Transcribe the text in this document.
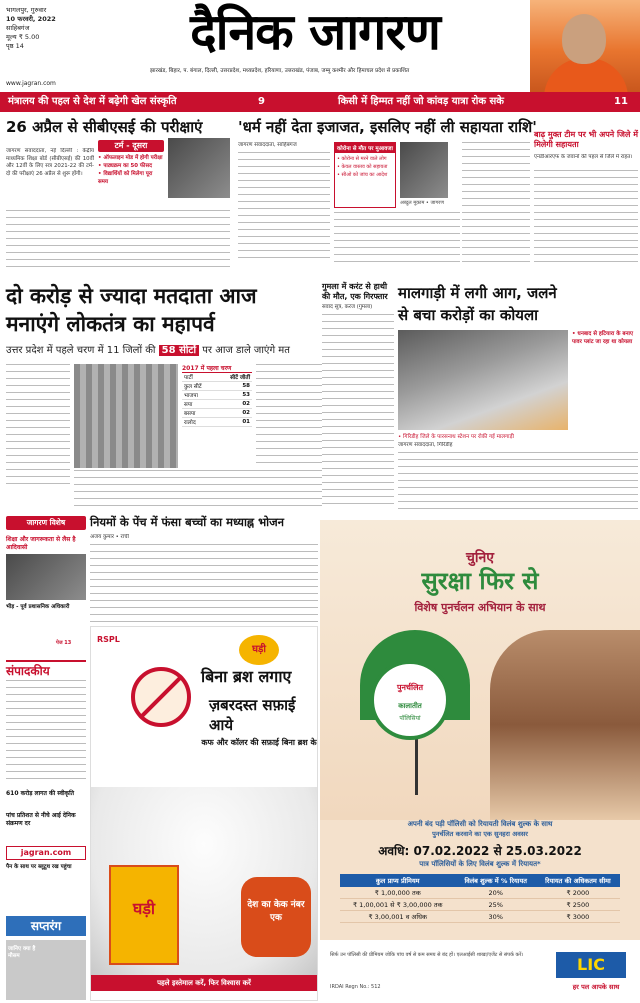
भागलपुर, गुरुवार
10 फरवरी, 2022
साहिबगंज
मूल्य ₹ 5.00
पृष्ठ 14	दैनिक जागरण
झारखंड, बिहार, प. बंगाल, दिल्ली, उत्तरप्रदेश, मध्यप्रदेश, हरियाणा, उत्तराखंड, पंजाब, जम्मू कश्मीर और हिमाचल प्रदेश से प्रकाशित
www.jagran.com
मंत्रालय की पहल से देश में बढ़ेगी खेल संस्कृति	9	किसी में हिम्मत नहीं जो कांवड़ यात्रा रोक सके	11
26 अप्रैल से सीबीएसई की परीक्षाएं
टर्म - दूसरा
जागरण संवाददाता, नई दिल्ली : केंद्रीय माध्यमिक शिक्षा बोर्ड (सीबीएसई) की 10वीं और 12वीं के लिए सत्र 2021-22 की टर्म-दो की परीक्षाएं 26 अप्रैल से शुरू होंगी।
• ऑफलाइन मोड में होगी परीक्षा
• पाठ्यक्रम का 50 फीसद
• विद्यार्थियों को मिलेगा पूरा समय
'धर्म नहीं देता इजाजत, इसलिए नहीं ली सहायता राशि'
जागरण संवाददाता, साहिबगंज
कोरोना से मौत पर मुआवजा
• कोरोना से मरने वाले लोग
• केवल वास्तव को सहायता
• सीओ को जांच का आदेश
अब्दुल मुक़ाम • जागरण
बाढ़ मुक्त टीम पर भी अपने जिले में मिलेगी सहायता
एनडीआरएफ के जवानों की पहल से जिले में राहत।
दो करोड़ से ज्यादा मतदाता आज
मनाएंगे लोकतंत्र का महापर्व
उत्तर प्रदेश में पहले चरण में 11 जिलों की 58 सीटों पर आज डाले जाएंगे मत
2017 में पहला चरण
पार्टी	सीटें जीतीं
कुल सीटें	58
भाजपा	53
सपा	02
बसपा	02
रालोद	01
गुमला में करंट से हाथी की मौत, एक गिरफ्तार
संवाद सूत्र, करंज (गुमला)
मालगाड़ी में लगी आग, जलने
से बचा करोड़ों का कोयला
• गिरिडीह जिले के पारसनाथ स्टेशन पर रोकी गई मालगाड़ी
• धनबाद से हटियारा के बनाए पावर प्लांट जा रहा था कोयला
जागरण संवाददाता, गिरिडीह
जागरण विशेष
शिक्षा और जागरूकता से लैस है आदिवासी
भीड़ - पूर्व प्रशासनिक अधिकारी
पेज 13
संपादकीय
610 करोड़ लागत की स्वीकृति
पांच प्रतिशत से नीचे आई देनिक संक्रमण दर
jagran.com
पैन के साथ पर ब्लूटूथ रख पहुंचा
सप्तरंग
जानिए क्या है मौसम
नियमों के पेंच में फंसा बच्चों का मध्याह्न भोजन
अजय कुमार • रांची
RSPL
घड़ी
बिना ब्रश लगाए
ज़बरदस्त सफ़ाई आये
कफ और कॉलर की सफ़ाई बिना ब्रश के
घड़ी	देश का केक नंबर एक
पहले इस्तेमाल करें, फिर विश्वास करें
चुनिए
सुरक्षा फिर से
विशेष पुनर्चलन अभियान के साथ
पुनर्चलित
कालातीत
पॉलिसियां
अपनी बंद पड़ी पॉलिसी को रियायती विलंब शुल्क के साथ
पुनर्चलित करवाने का एक सुनहरा अवसर
अवधि: 07.02.2022 से 25.03.2022
पात्र पॉलिसियों के लिए विलंब शुल्क में रियायत*
कुल प्राप्य प्रीमियम	विलंब शुल्क में % रियायत	रियायत की अधिकतम सीमा
₹ 1,00,000 तक	20%	₹ 2000
₹ 1,00,001 से ₹ 3,00,000 तक	25%	₹ 2500
₹ 3,00,001 व अधिक	30%	₹ 3000
सिर्फ उन पॉलिसी की प्रीमियम जोकि पांच वर्ष से कम समय से बंद हों। एलआईसी शाखा/एजेंट से संपर्क करें।
IRDAI Regn No.: 512
LIC
हर पल आपके साथ
